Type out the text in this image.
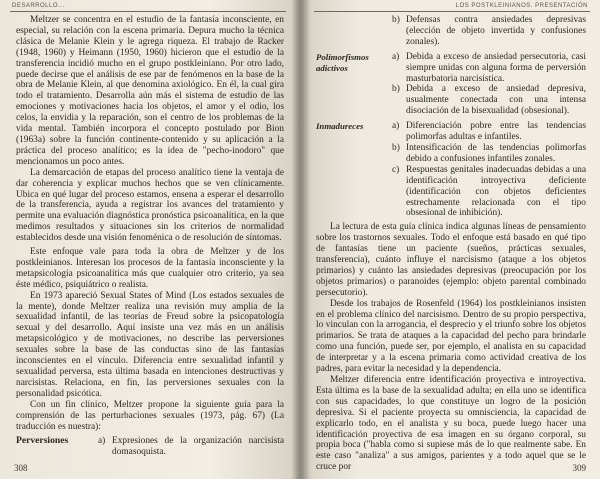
DESARROLLO...

Meltzer se concentra en el estudio de la fantasía inconsciente, en especial, su relación con la escena primaria. Depura mucho la técnica clásica de Melanie Klein y le agrega riqueza. El trabajo de Racker (1948, 1960) y Heimann (1950, 1960) hicieron que el estudio de la transferencia incidió mucho en el grupo postkleiniano. Por otro lado, puede decirse que el análisis de ese par de fenómenos en la base de la obra de Melanie Klein, al que denomina axiológico. En él, la cual gira todo el tratamiento. Desarrolla aún más el sistema de estudio de las emociones y motivaciones hacia los objetos, el amor y el odio, los celos, la envidia y la reparación, son el centro de los problemas de la vida mental. También incorpora el concepto postulado por Bion (1963a) sobre la función continente-contenido y su aplicación a la práctica del proceso analítico; es la idea de "pecho-inodoro" que mencionamos un poco antes.

La demarcación de etapas del proceso analítico tiene la ventaja de dar coherencia y explicar muchos hechos que se ven clínicamente. Ubica en qué lugar del proceso estamos, ensena a esperar el desarrollo de la transferencia, ayuda a registrar los avances del tratamiento y permite una evaluación diagnóstica pronóstica psicoanalítica, en la que medimos resultados y situaciones sin los criterios de normalidad establecidos desde una visión fenoménica o de resolución de síntomas.

Este enfoque vale para toda la obra de Meltzer y de los postkleinianos. Interesan los procesos de la fantasía inconsciente y la metapsicología psicoanalítica más que cualquier otro criterio, ya sea éste médico, psiquiátrico o realista.

En 1973 apareció Sexual States of Mind (Los estados sexuales de la mente), donde Meltzer realiza una revisión muy amplia de la sexualidad infantil, de las teorías de Freud sobre la psicopatología sexual y del desarrollo. Aquí insiste una vez más en un análisis metapsicológico y de motivaciones, no describe las perversiones sexuales sobre la base de las conductas sino de las fantasías inconscientes en el vínculo. Diferencia entre sexualidad infantil y sexualidad perversa, esta última basada en intenciones destructivas y narcisistas. Relaciona, en fin, las perversiones sexuales con la personalidad psicótica.

Con un fin clínico, Meltzer propone la siguiente guía para la comprensión de las perturbaciones sexuales (1973, pág. 67) (La traducción es nuestra):

Perversiones	a) Expresiones de la organización narcisista domasoquista.
308
LOS POSTKLEINIANOS. PRESENTACIÓN
b) Defensas contra ansiedades depresivas (elección de objeto invertida y confusiones zonales).
Polimorfismos adictivos
a) Debida a exceso de ansiedad persecutoria, casi siempre unidas con alguna forma de perversión masturbatoria narcisística.
b) Debida a exceso de ansiedad depresiva, usualmente conectada con una intensa disociación de la bisexualidad (obsesional).
Inmadureces	a) Diferenciación pobre entre las tendencias polimorfas adultas e infantiles.
b) Intensificación de las tendencias polimorfas debido a confusiones infantiles zonales.
c) Respuestas genitales inadecuadas debidas a una identificación introyectiva deficiente (identificación con objetos deficientes estrechamente relacionada con el tipo obsesional de inhibición).

La lectura de esta guía clínica indica algunas líneas de pensamiento sobre los trastornos sexuales. Todo el enfoque está basado en qué tipo de fantasías tiene un paciente (sueños, prácticas sexuales, transferencia), cuánto influye el narcisismo (ataque a los objetos primarios) y cuánto las ansiedades depresivas (preocupación por los objetos primarios) o paranoides (ejemplo: objeto parental combinado persecutorio).

Desde los trabajos de Rosenfeld (1964) los postkleinianos insisten en el problema clínico del narcisismo. Dentro de su propio perspectiva, lo vinculan con la arrogancia, el desprecio y el triunfo sobre los objetos primarios. Se trata de ataques a la capacidad del pecho para brindarle como una función, puede ser, por ejemplo, el analista en su capacidad de interpretar y a la escena primaria como actividad creativa de los padres, para evitar la necesidad y la dependencia.

Meltzer diferencia entre identificación proyectiva e introyectiva. Esta última es la base de la sexualidad adulta; en ella uno se identifica con sus capacidades, lo que constituye un logro de la posición depresiva. Si el paciente proyecta su omnisciencia, la capacidad de explicarlo todo, en el analista y su boca, puede luego hacer una identificación proyectiva de esa imagen en su órgano corporal, su propia boca ("habla como si supiese más de lo que realmente sabe. En este caso "analiza" a sus amigos, parientes y a todo aquel que se le cruce por	309
